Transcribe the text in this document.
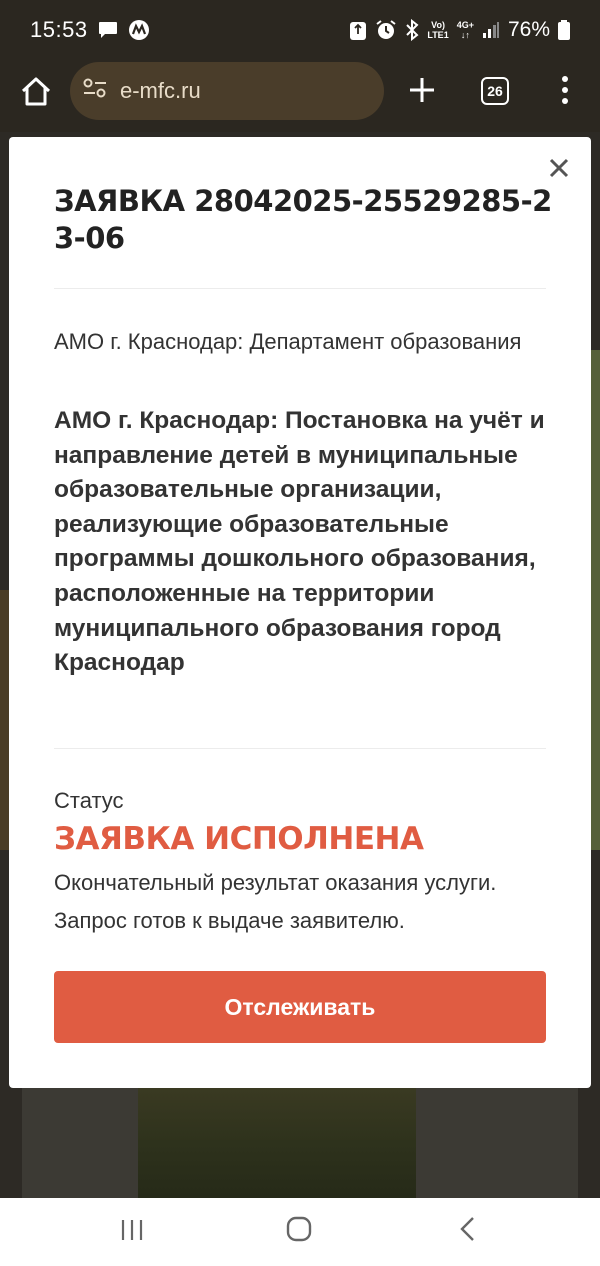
15:53	Vo)
LTE1
4G+
↓↑ 76%
e-mfc.ru	26
ЗАЯВКА 28042025-25529285-23-06
АМО г. Краснодар: Департамент образования
АМО г. Краснодар: Постановка на учёт и направление детей в муниципальные образовательные организации, реализующие образовательные программы дошкольного образования, расположенные на территории муниципального образования город Краснодар
Статус
ЗАЯВКА ИСПОЛНЕНА
Окончательный результат оказания услуги. Запрос готов к выдаче заявителю.
Отслеживать
